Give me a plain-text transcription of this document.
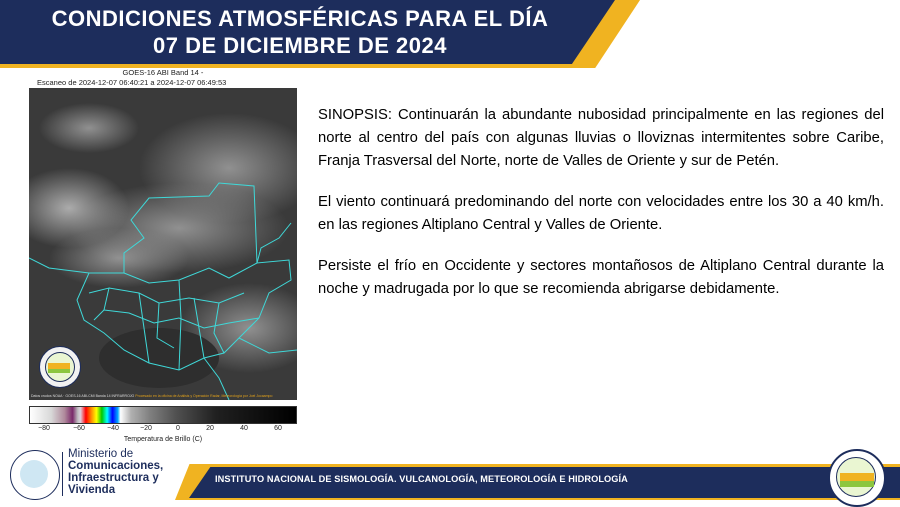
CONDICIONES ATMOSFÉRICAS PARA EL DÍA
07 DE DICIEMBRE DE 2024
GOES-16 ABI Band 14 -
Escaneo de 2024-12-07 06:40:21 a 2024-12-07 06:49:53
Datos crudos NOAA · GOES-16 ABI-CMI Banda 14 INFRARROJO Procesado en la oficina de Análisis y Operación Radar, Meteorología por Joel Jocaampo
−80	−60	−40	−20	0	20	40	60
Temperatura de Brillo (C)

SINOPSIS: Continuarán la abundante nubosidad principalmente en las regiones del norte al centro del país con algunas lluvias o lloviznas intermitentes sobre Caribe, Franja Trasversal del Norte, norte de Valles de Oriente y sur de Petén.

El viento continuará predominando del norte con velocidades entre los 30 a 40 km/h. en las regiones Altiplano Central y Valles de Oriente.

Persiste el frío en Occidente y sectores montañosos de Altiplano Central durante la noche y madrugada por lo que se recomienda abrigarse debidamente.

Ministerio de
Comunicaciones,
Infraestructura y
Vivienda
INSTITUTO NACIONAL DE SISMOLOGÍA. VULCANOLOGÍA, METEOROLOGÍA E HIDROLOGÍA
